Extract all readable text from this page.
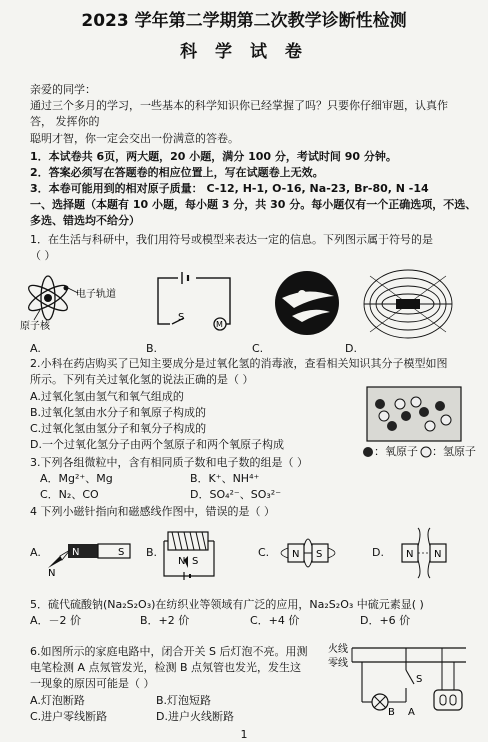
2023 学年第二学期第二次教学诊断性检测
科 学 试 卷
亲爱的同学：
通过三个多月的学习，一些基本的科学知识你已经掌握了吗？只要你仔细审题，认真作
答， 发挥你的
聪明才智，你一定会交出一份满意的答卷。
1．本试卷共 6页，两大题，20 小题，满分 100 分，考试时间 90 分钟。
2．答案必须写在答题卷的相应位置上，写在试题卷上无效。
3．本卷可能用到的相对原子质量： C-12, H-1, O-16, Na-23, Br-80, N -14
一、选择题（本题有 10 小题，每小题 3 分，共 30 分。每小题仅有一个正确选项，不选、
多选、错选均不给分）
1．在生活与科研中，我们用符号或模型来表达一定的信息。下列图示属于符号的是
（ ）
电子轨道
原子核	M
S
A.	B.	C.	D.
2.小科在药店购买了已知主要成分是过氧化氢的消毒液，查看相关知识其分子模型如图
所示。下列有关过氧化氢的说法正确的是（ ）
A.过氧化氢由氢气和氧气组成的
B.过氧化氢由水分子和氧原子构成的
C.过氧化氢由氢分子和氧分子构成的
D.一个过氧化氢分子由两个氢原子和两个氧原子构成
：氧原子 ：氢原子
3.下列各组微粒中，含有相同质子数和电子数的组是（ ）
A．Mg²⁺、Mg	B．K⁺、NH⁴⁺
C．N₂、CO	D．SO₄²⁻、SO₃²⁻
4 下列小磁针指向和磁感线作图中，错误的是（ ）
A.	N	S
N
B.
N S
C. N S	D. N N
5．硫代硫酸钠(Na₂S₂O₃)在纺织业等领域有广泛的应用，Na₂S₂O₃ 中硫元素显( )
A．－2 价	B．+2 价	C．+4 价	D．+6 价
6.如图所示的家庭电路中，闭合开关 S 后灯泡不亮。用测
电笔检测 A 点氖管发光，检测 B 点氖管也发光，发生这
一现象的原因可能是（ ）
A.灯泡断路	B.灯泡短路
C.进户零线断路	D.进户火线断路
火线
零线
S
B A
1
